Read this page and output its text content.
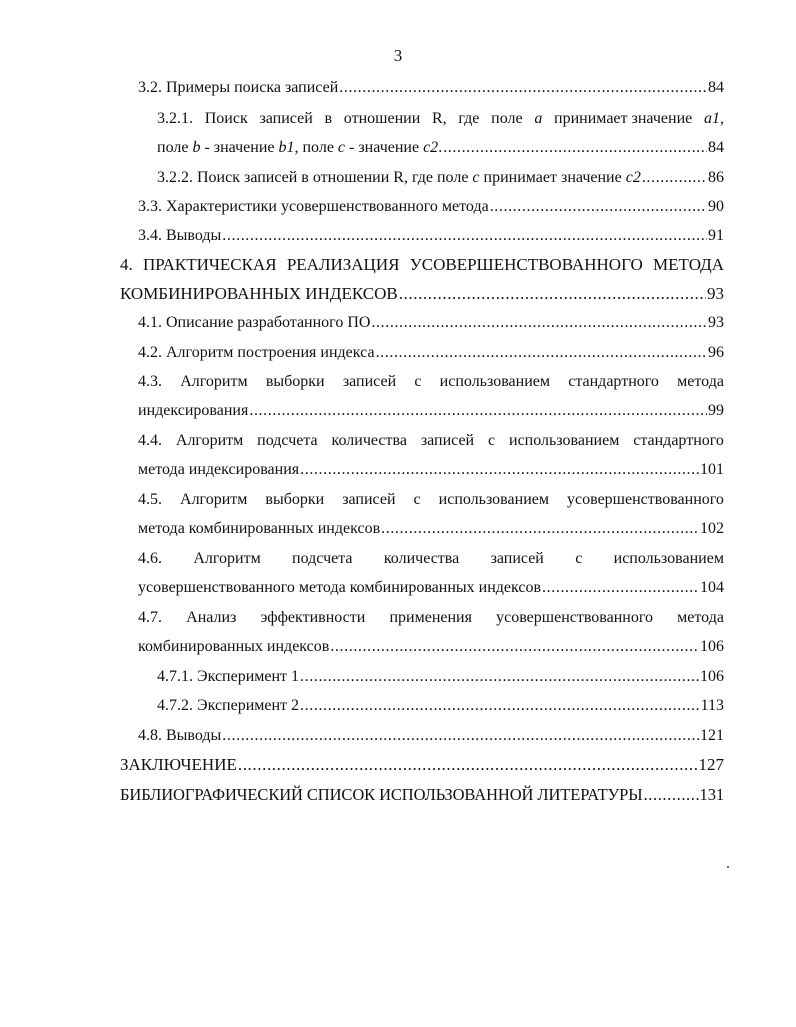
3
3.2. Примеры поиска записей .....	84
3.2.1. Поиск записей в отношении R, где поле a принимает значение a1,
поле b - значение b1, поле c - значение c2. .....	84
3.2.2. Поиск записей в отношении R, где поле c принимает значение c2 .....	86
3.3. Характеристики усовершенствованного метода .....	90
3.4. Выводы .....	91
4. ПРАКТИЧЕСКАЯ РЕАЛИЗАЦИЯ УСОВЕРШЕНСТВОВАННОГО МЕТОДА
КОМБИНИРОВАННЫХ ИНДЕКСОВ .....	93
4.1. Описание разработанного ПО .....	93
4.2. Алгоритм построения индекса .....	96
4.3. Алгоритм выборки записей с использованием стандартного метода
индексирования .....	99
4.4. Алгоритм подсчета количества записей с использованием стандартного
метода индексирования .....	101
4.5. Алгоритм выборки записей с использованием усовершенствованного
метода комбинированных индексов .....	102
4.6. Алгоритм подсчета количества записей с использованием
усовершенствованного метода комбинированных индексов .....	104
4.7. Анализ эффективности применения усовершенствованного метода
комбинированных индексов .....	106
4.7.1. Эксперимент 1 .....	106
4.7.2. Эксперимент 2 .....	113
4.8. Выводы .....	121
ЗАКЛЮЧЕНИЕ .....	127
БИБЛИОГРАФИЧЕСКИЙ СПИСОК ИСПОЛЬЗОВАННОЙ ЛИТЕРАТУРЫ .....	131
